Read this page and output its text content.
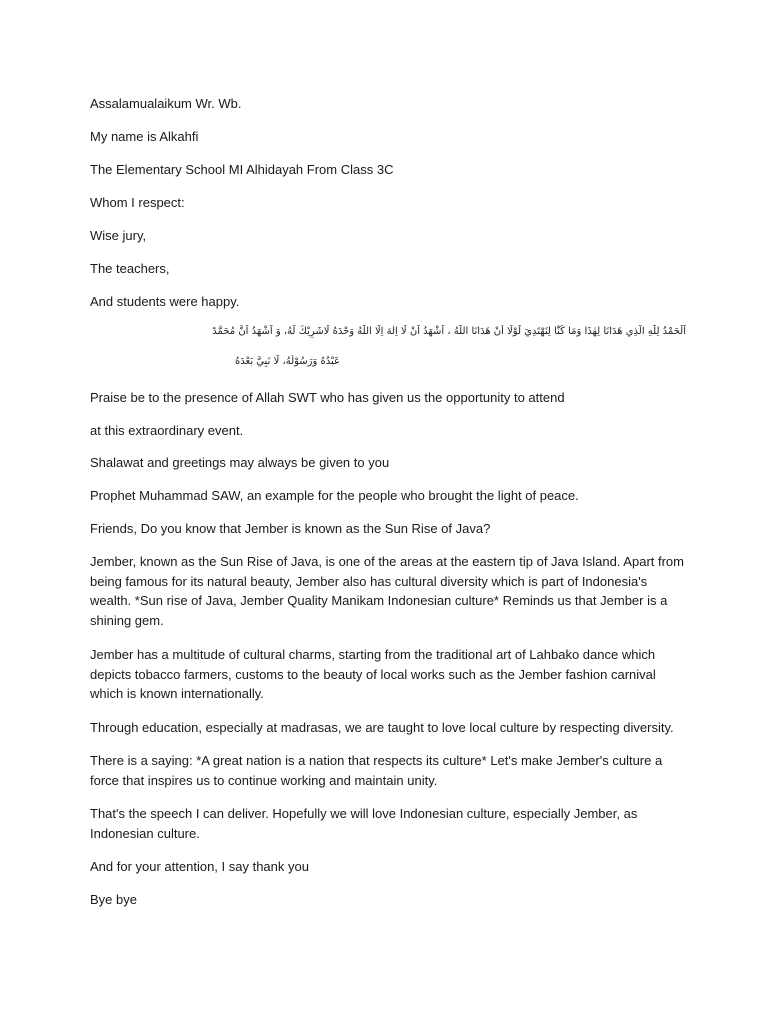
Assalamualaikum Wr. Wb.

My name is Alkahfi

The Elementary School MI Alhidayah From Class 3C

Whom I respect:

Wise jury,

The teachers,

And students were happy.

اَلْحَمْدُ لِلّٰهِ الَّذِي هَدَانَا لِهٰذَا وَمَا كُنَّا لِنَهْتَدِيَ لَوْلَا أَنْ هَدَانَا اللّٰهُ ، اَشْهَدُ اَنْ لَا اِلٰهَ اِلَّا اللّٰهُ وَحْدَهُ لَاشَرِيْكَ لَهُ، وَ اَشْهَدُ اَنَّ مُحَمَّدً

عَبْدُهُ وَرَسُوْلُهُ، لَا نَبِيَّ بَعْدَهُ

Praise be to the presence of Allah SWT who has given us the opportunity to attend

at this extraordinary event.

Shalawat and greetings may always be given to you

Prophet Muhammad SAW, an example for the people who brought the light of peace.

Friends, Do you know that Jember is known as the Sun Rise of Java?

Jember, known as the Sun Rise of Java, is one of the areas at the eastern tip of Java Island. Apart from being famous for its natural beauty, Jember also has cultural diversity which is part of Indonesia's wealth. *Sun rise of Java, Jember Quality Manikam Indonesian culture* Reminds us that Jember is a shining gem.

Jember has a multitude of cultural charms, starting from the traditional art of Lahbako dance which depicts tobacco farmers, customs to the beauty of local works such as the Jember fashion carnival which is known internationally.

Through education, especially at madrasas, we are taught to love local culture by respecting diversity.

There is a saying: *A great nation is a nation that respects its culture* Let's make Jember's culture a force that inspires us to continue working and maintain unity.

That's the speech I can deliver. Hopefully we will love Indonesian culture, especially Jember, as Indonesian culture.

And for your attention, I say thank you

Bye bye
